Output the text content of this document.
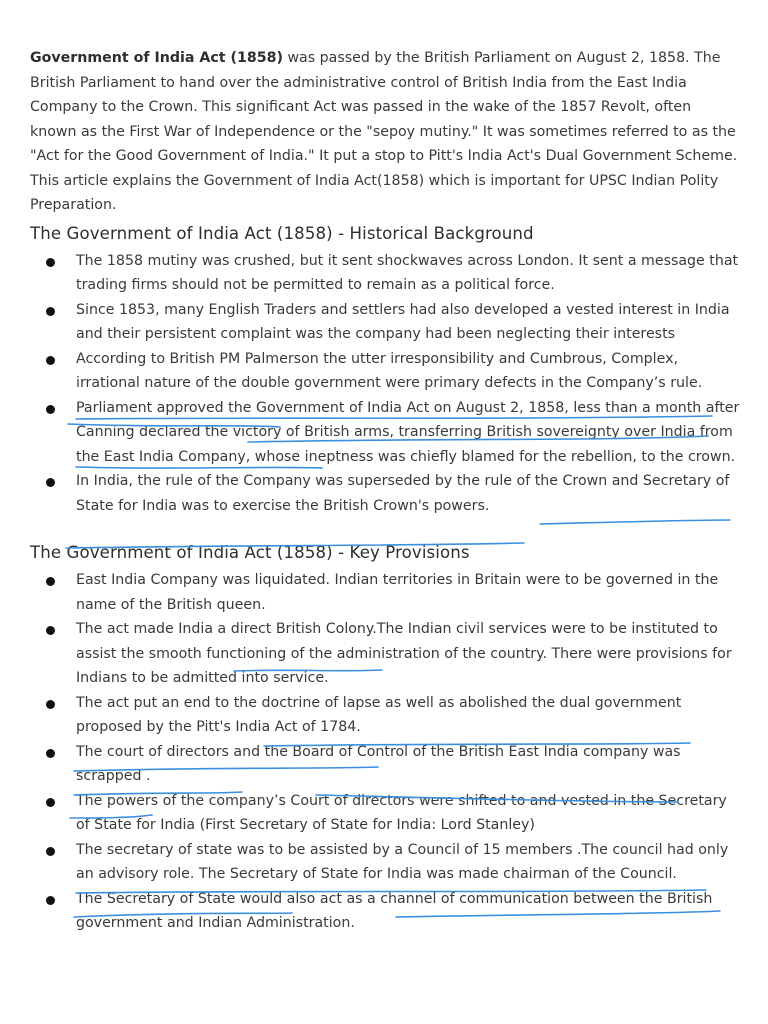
Government of India Act (1858) was passed by the British Parliament on August 2, 1858. The British Parliament to hand over the administrative control of British India from the East India Company to the Crown. This significant Act was passed in the wake of the 1857 Revolt, often known as the First War of Independence or the "sepoy mutiny." It was sometimes referred to as the "Act for the Good Government of India." It put a stop to Pitt's India Act's Dual Government Scheme. This article explains the Government of India Act(1858) which is important for UPSC Indian Polity Preparation.

The Government of India Act (1858) - Historical Background
The 1858 mutiny was crushed, but it sent shockwaves across London. It sent a message that trading firms should not be permitted to remain as a political force.
Since 1853, many English Traders and settlers had also developed a vested interest in India and their persistent complaint was the company had been neglecting their interests
According to British PM Palmerson the utter irresponsibility and Cumbrous, Complex, irrational nature of the double government were primary defects in the Company’s rule.
Parliament approved the Government of India Act on August 2, 1858, less than a month after Canning declared the victory of British arms, transferring British sovereignty over India from the East India Company, whose ineptness was chiefly blamed for the rebellion, to the crown.
In India, the rule of the Company was superseded by the rule of the Crown and Secretary of State for India was to exercise the British Crown's powers.
The Government of India Act (1858) - Key Provisions
East India Company was liquidated. Indian territories in Britain were to be governed in the name of the British queen.
The act made India a direct British Colony.The Indian civil services were to be instituted to assist the smooth functioning of the administration of the country. There were provisions for Indians to be admitted into service.
The act put an end to the doctrine of lapse as well as abolished the dual government proposed by the Pitt's India Act of 1784.
The court of directors and the Board of Control of the British East India company was scrapped .
The powers of the company’s Court of directors were shifted to and vested in the Secretary of State for India (First Secretary of State for India: Lord Stanley)
The secretary of state was to be assisted by a Council of 15 members .The council had only an advisory role. The Secretary of State for India was made chairman of the Council.
The Secretary of State would also act as a channel of communication between the British government and Indian Administration.
